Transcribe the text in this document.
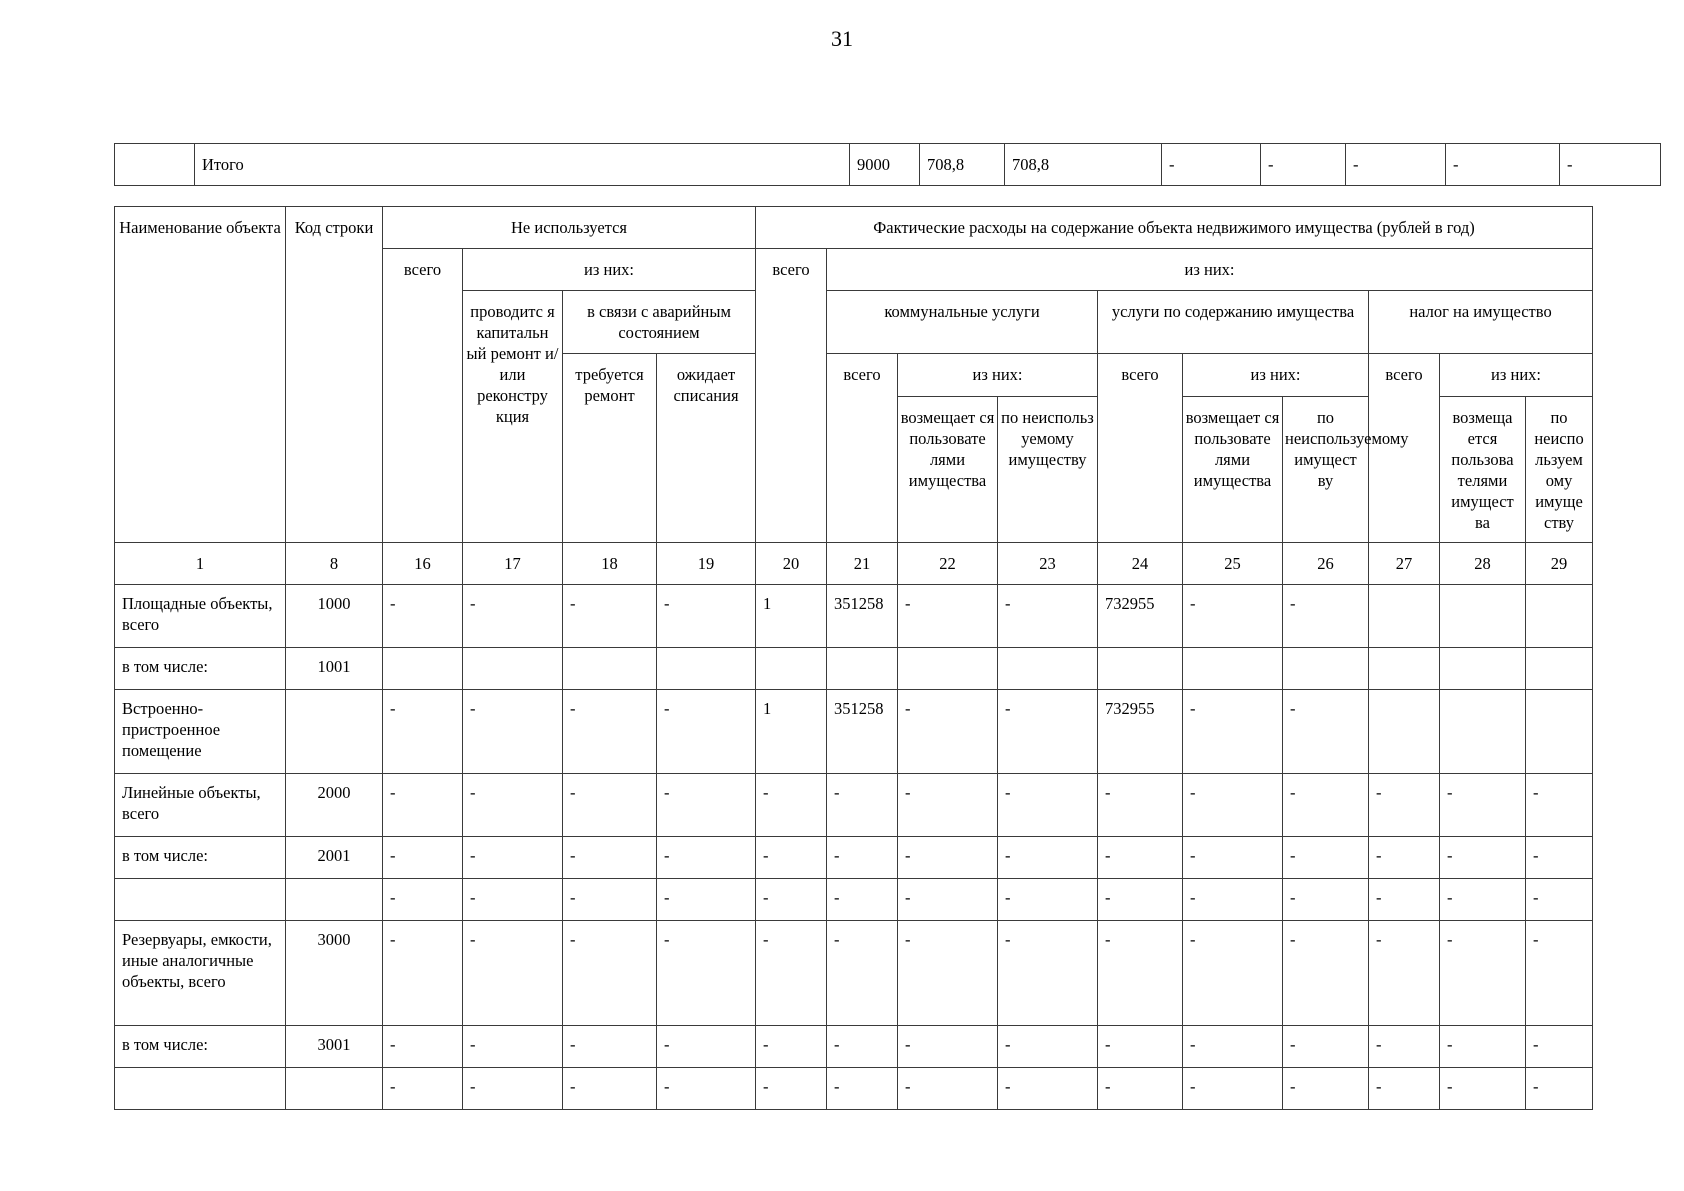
31
	Итого	9000	708,8	708,8	-	-	-	-	-
Наименование объекта	Код строки	Не используется				Фактические расходы на содержание объекта недвижимого имущества (рублей в год)									
		всего	из них:			всего	из них:								
			проводитс я капитальн ый ремонт и/или реконстру кция	в связи с аварийным состоянием			коммунальные услуги			услуги по содержанию имущества			налог на имущество		
				требуется ремонт	ожидает списания		всего	из них:		всего	из них:		всего	из них:	
								возмещает ся пользовате лями имущества	по неиспольз уемому имуществу		возмещает ся пользовате лями имущества	по неиспользуемому имущест ву		возмеща ется пользова телями имущест ва	по неиспо льзуем ому имуще ству
1	8	16	17	18	19	20	21	22	23	24	25	26	27	28	29
Площадные объекты, всего	1000	-	-	-	-	1	351258	-	-	732955	-	-			
в том числе:	1001														
Встроенно-пристроенное помещение		-	-	-	-	1	351258	-	-	732955	-	-			
Линейные объекты, всего	2000	-	-	-	-	-	-	-	-	-	-	-	-	-	-
в том числе:	2001	-	-	-	-	-	-	-	-	-	-	-	-	-	-
		-	-	-	-	-	-	-	-	-	-	-	-	-	-
Резервуары, емкости, иные аналогичные объекты, всего	3000	-	-	-	-	-	-	-	-	-	-	-	-	-	-
в том числе:	3001	-	-	-	-	-	-	-	-	-	-	-	-	-	-
		-	-	-	-	-	-	-	-	-	-	-	-	-	-
